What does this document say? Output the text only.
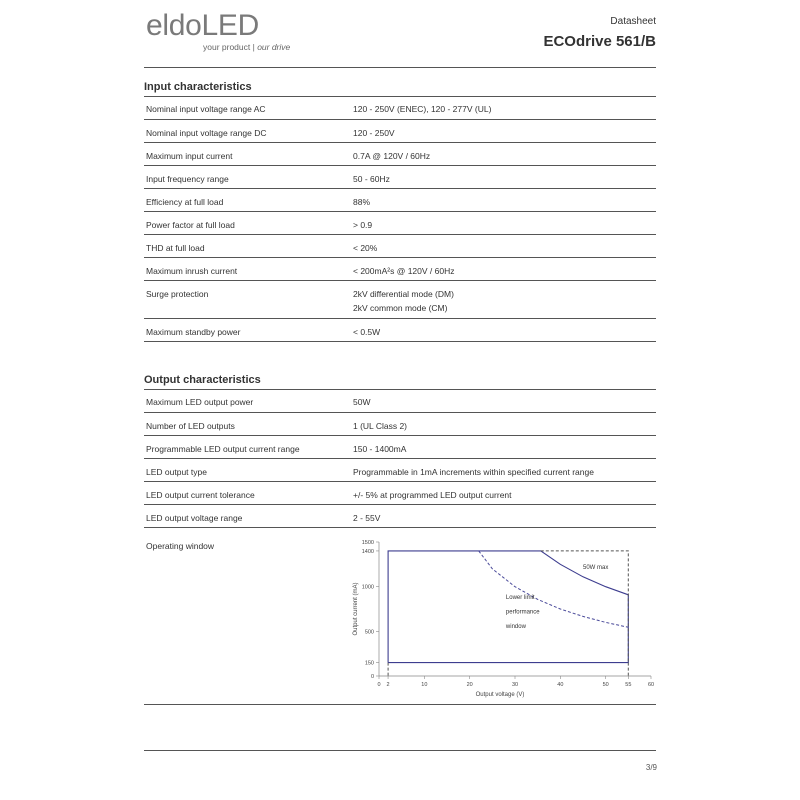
eldoLED
your product | our drive
Datasheet
ECOdrive 561/B
Input characteristics
Nominal input voltage range AC	120 - 250V (ENEC), 120 - 277V (UL)
Nominal input voltage range DC	120 - 250V
Maximum input current	0.7A @ 120V / 60Hz
Input frequency range	50 - 60Hz
Efficiency at full load	88%
Power factor at full load	> 0.9
THD at full load	< 20%
Maximum inrush current	< 200mA²s @ 120V / 60Hz
Surge protection	2kV differential mode (DM)
2kV common mode (CM)

Maximum standby power	< 0.5W
Output characteristics
Maximum LED output power	50W
Number of LED outputs	1 (UL Class 2)
Programmable LED output current range	150 - 1400mA
LED output type	Programmable in 1mA increments within specified current range
LED output current tolerance	+/- 5% at programmed LED output current
LED output voltage range	2 - 55V
Operating window
0 2	10	20	30	40	50	55	60
0
150
500
1000
1400
1500
Output voltage (V)
Output current (mA)
50W max
Lower limit
performance
window
3/9
